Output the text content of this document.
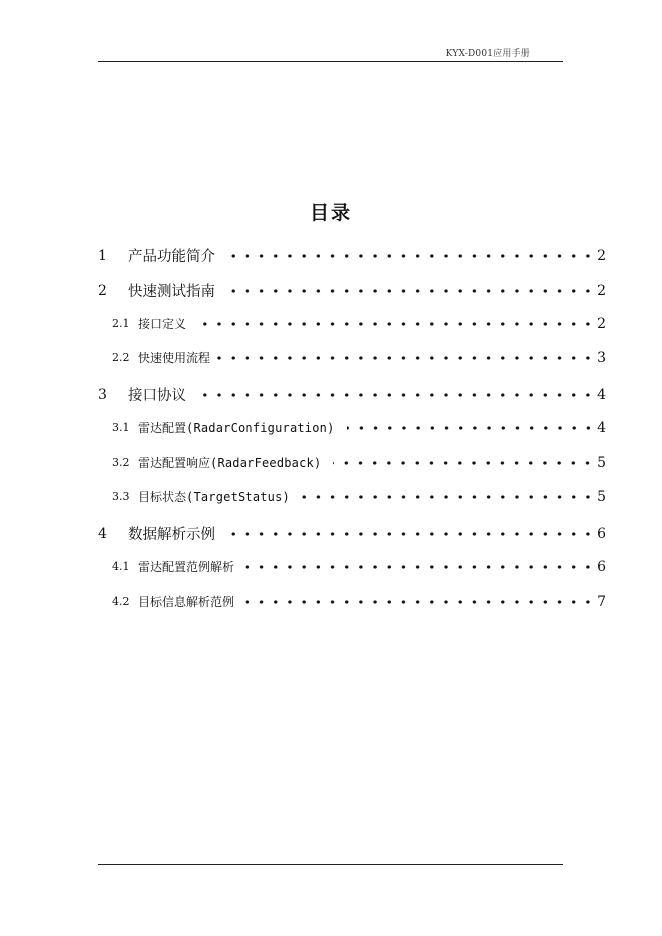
KYX-D001应用手册
目录
1	产品功能简介	2
2	快速测试指南	2
2.1 接口定义	2
2.2 快速使用流程	3
3	接口协议	4
3.1 雷达配置(RadarConfiguration)	4
3.2 雷达配置响应(RadarFeedback)	5
3.3 目标状态(TargetStatus)	5
4	数据解析示例	6
4.1 雷达配置范例解析	6
4.2 目标信息解析范例	7
